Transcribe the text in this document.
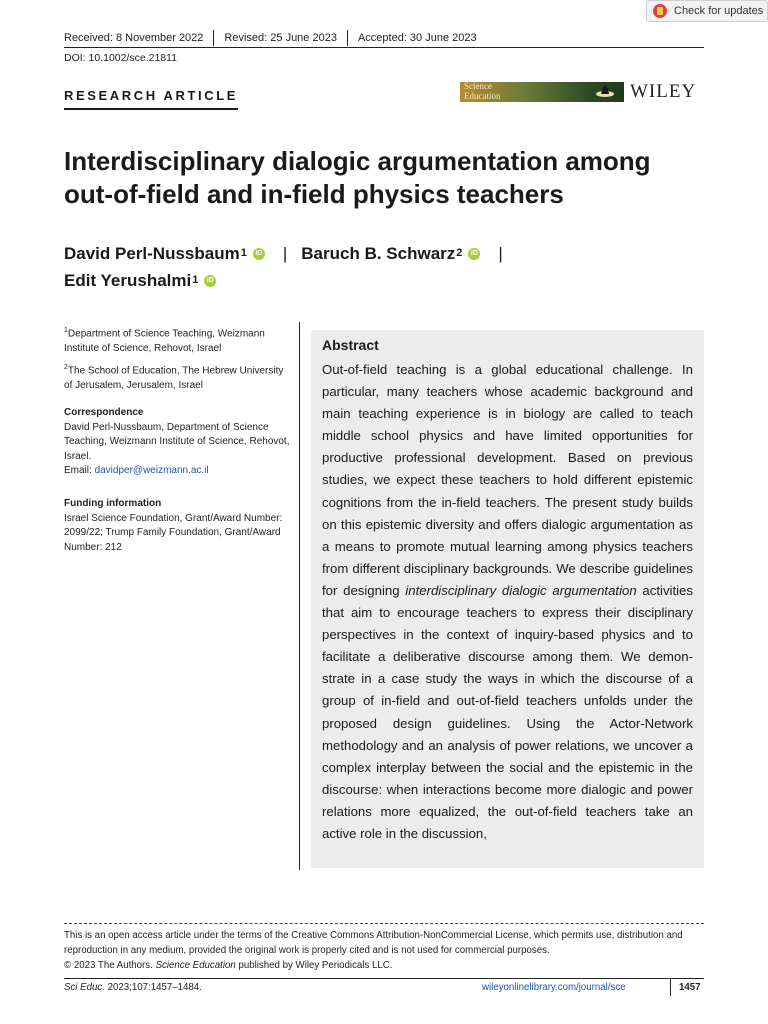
Check for updates
Received: 8 November 2022 Revised: 25 June 2023 Accepted: 30 June 2023
DOI: 10.1002/sce.21811
RESEARCH ARTICLE
Science
Education	WILEY
Interdisciplinary dialogic argumentation among
out-of-field and in-field physics teachers
David Perl-Nussbaum 1	iD | Baruch B. Schwarz 2	iD |
Edit Yerushalmi 1	iD
$^1$Department of Science Teaching, Weizmann Institute of Science, Rehovot, Israel
$^2$The School of Education, The Hebrew University of Jerusalem, Jerusalem, Israel
Correspondence
David Perl-Nussbaum, Department of Science Teaching, Weizmann Institute of Science, Rehovot, Israel.
Email: davidper@weizmann.ac.il
Funding information
Israel Science Foundation, Grant/Award Number: 2099/22; Trump Family Foundation, Grant/Award Number: 212
Abstract
Out-of-field teaching is a global educational challenge. In particular, many teachers whose academic background and main teaching experience is in biology are called to teach middle school physics and have limited opportunities for productive professional development. Based on previous studies, we expect these teachers to hold different epistemic cognitions from the in-field teachers. The present study builds on this epistemic diversity and offers dialogic argumentation as a means to promote mutual learning among physics teachers from different disciplinary backgrounds. We describe guidelines for designing interdisciplinary dialogic argumentation activities that aim to encourage teachers to express their disciplinary perspectives in the context of inquiry-based physics and to facilitate a deliberative discourse among them. We demonstrate in a case study the ways in which the discourse of a group of in-field and out-of-field teachers unfolds under the proposed design guidelines. Using the Actor-Network methodology and an analysis of power relations, we uncover a complex interplay between the social and the epistemic in the discourse: when interactions become more dialogic and power relations more equalized, the out-of-field teachers take an active role in the discussion,
This is an open access article under the terms of the Creative Commons Attribution-NonCommercial License, which permits use, distribution and reproduction in any medium, provided the original work is properly cited and is not used for commercial purposes.
© 2023 The Authors. Science Education published by Wiley Periodicals LLC.
Sci Educ. 2023;107:1457–1484.	wileyonlinelibrary.com/journal/sce	1457
